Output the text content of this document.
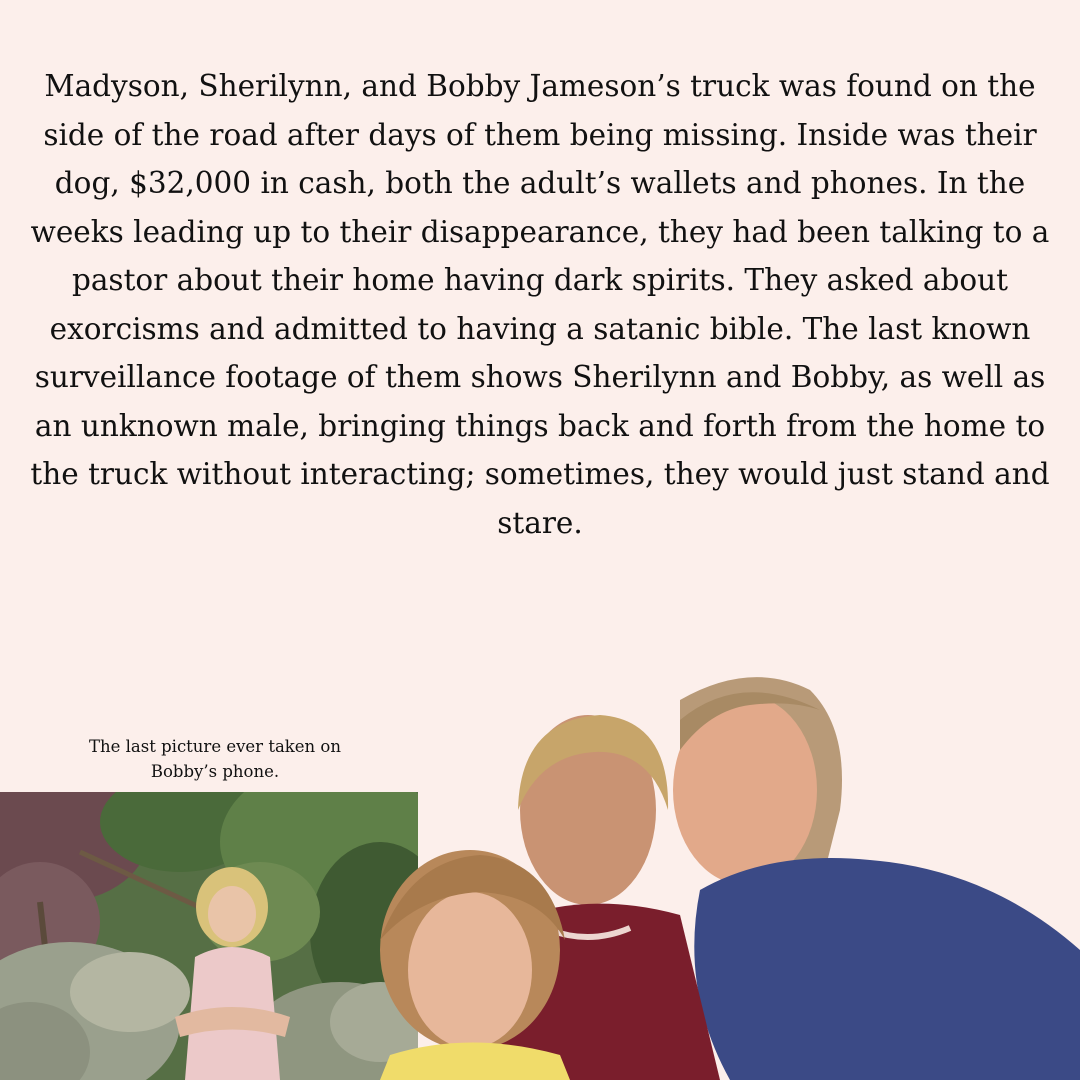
Madyson, Sherilynn, and Bobby Jameson’s truck was found on the side of the road after days of them being missing. Inside was their dog, $32,000 in cash, both the adult’s wallets and phones. In the weeks leading up to their disappearance, they had been talking to a pastor about their home having dark spirits. They asked about exorcisms and admitted to having a satanic bible. The last known surveillance footage of them shows Sherilynn and Bobby, as well as an unknown male, bringing things back and forth from the home to the truck without interacting; sometimes, they would just stand and stare.

The last picture ever taken on Bobby’s phone.
